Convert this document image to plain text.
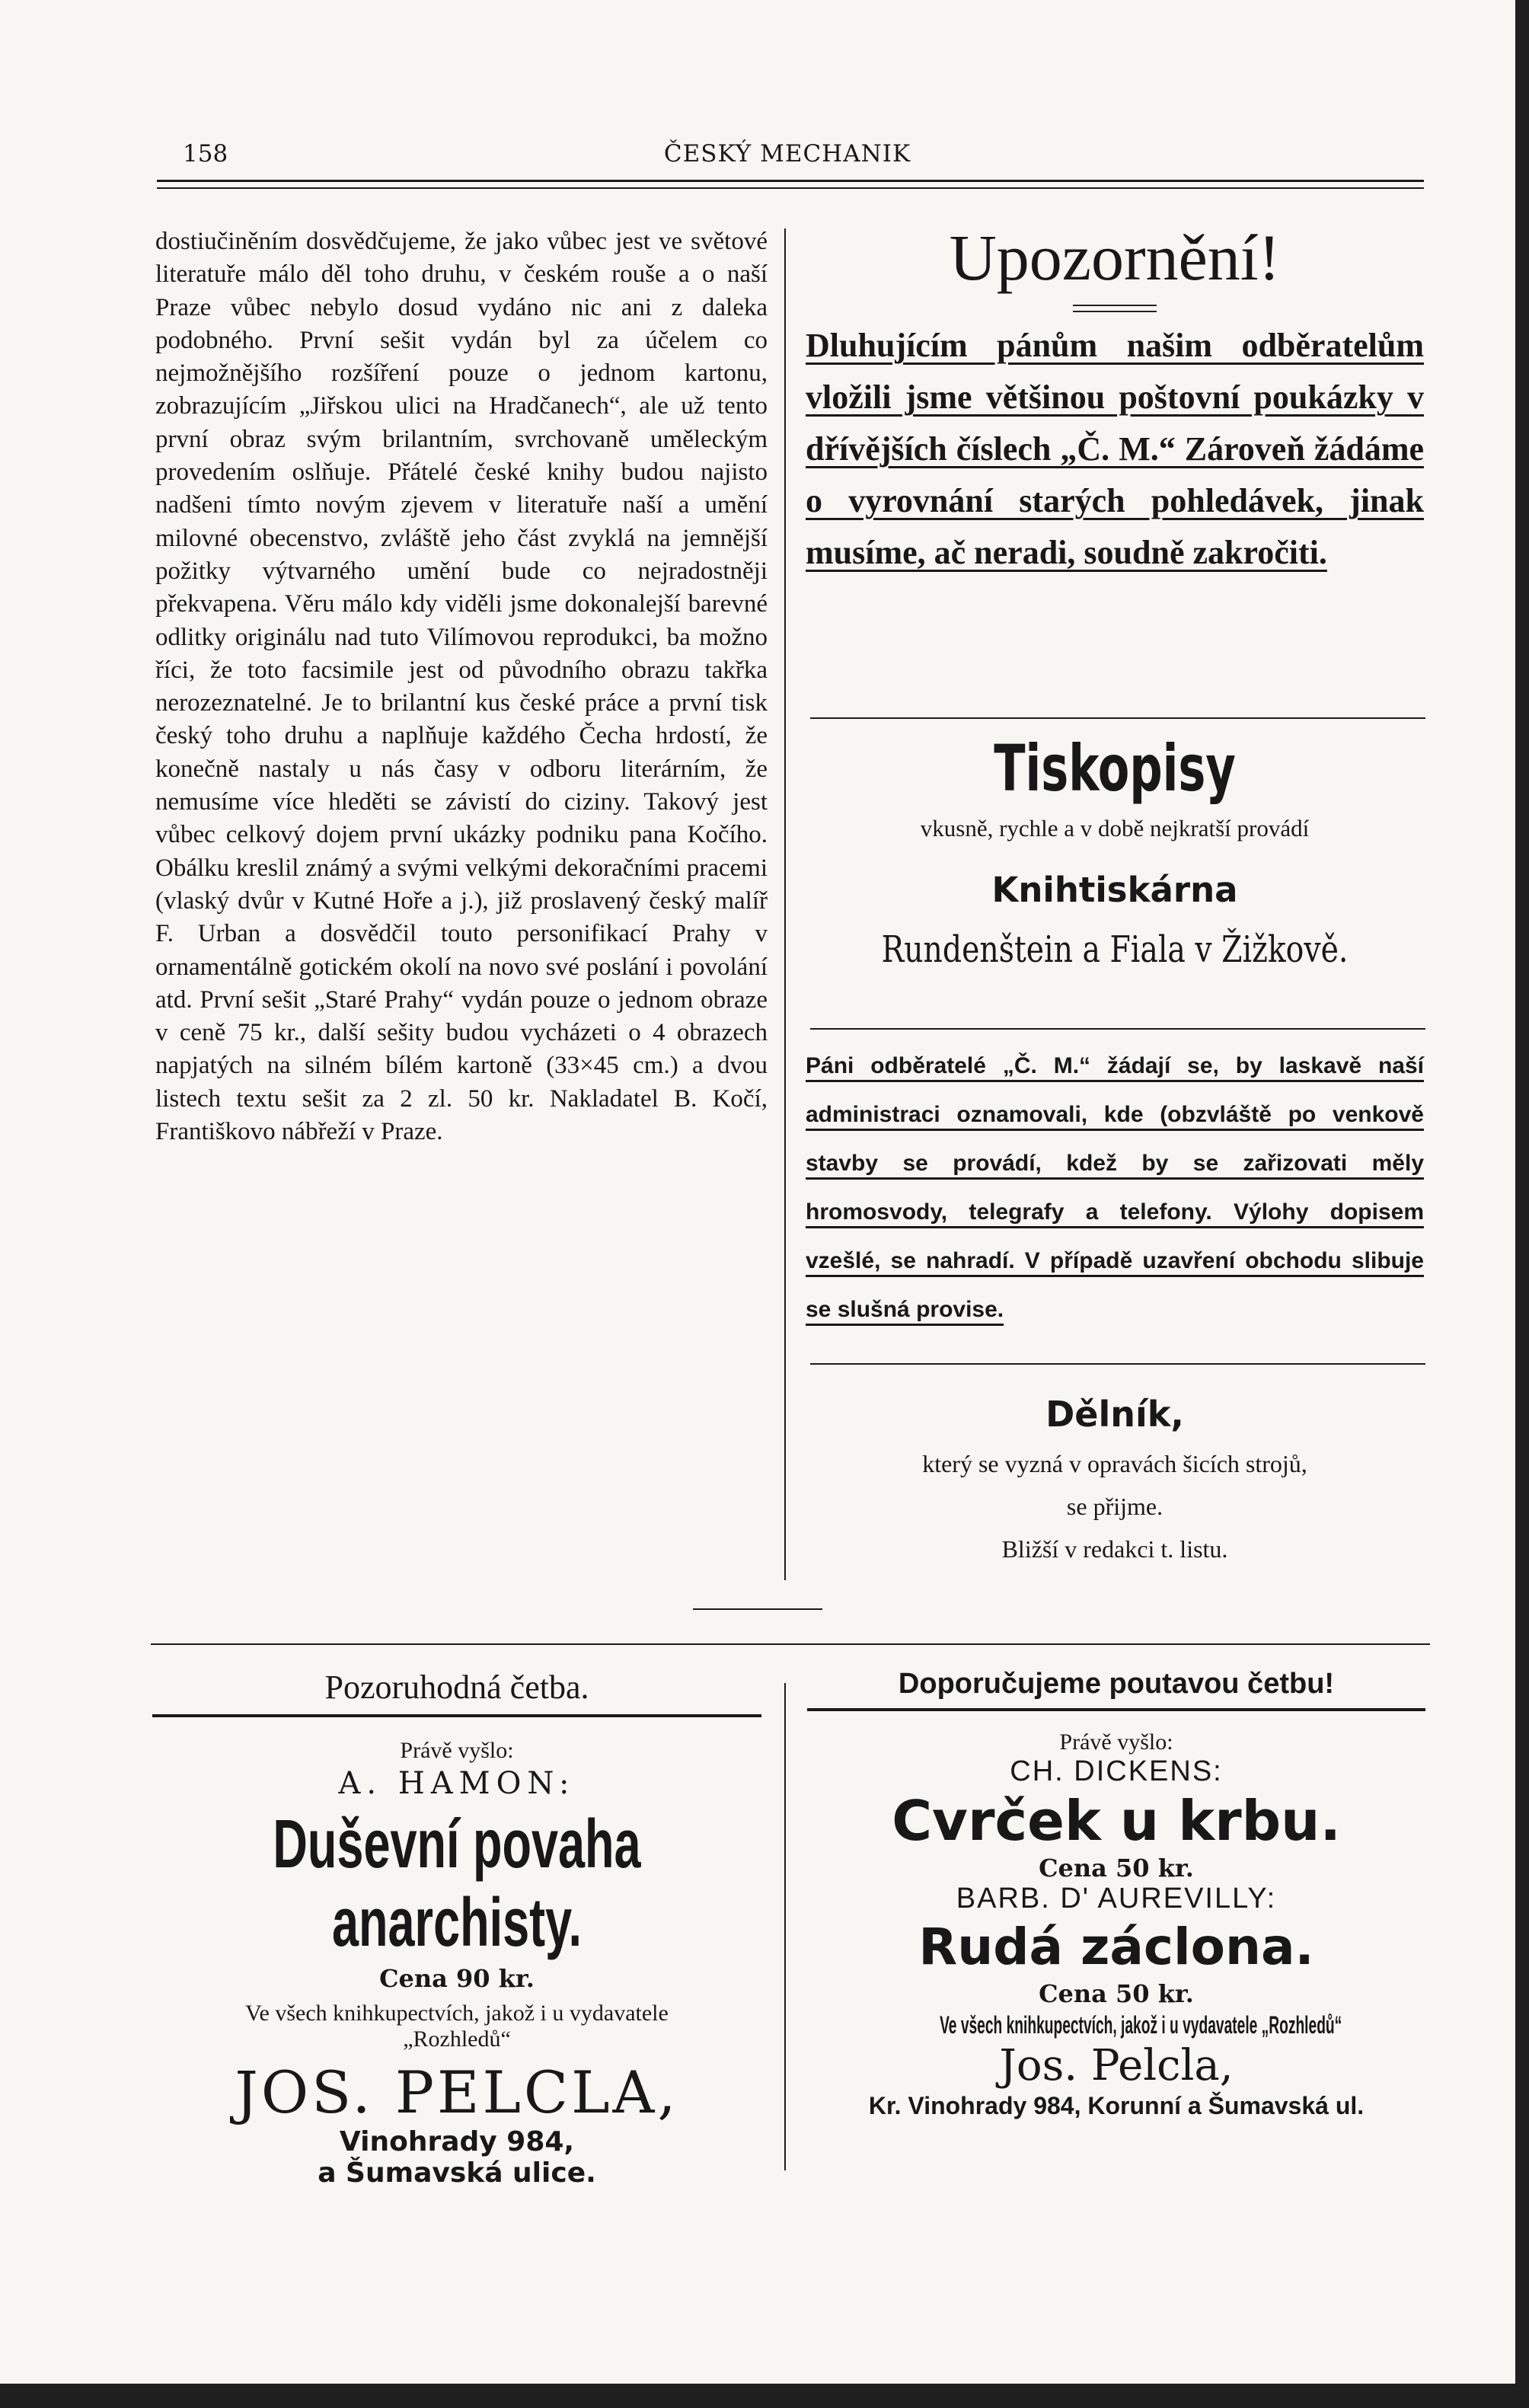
158	ČESKÝ MECHANIK

dostiučiněním dosvědčujeme, že jako vůbec jest ve světové literatuře málo děl toho druhu, v českém rouše a o naší Praze vůbec nebylo dosud vydáno nic ani z daleka podobného. První sešit vydán byl za účelem co nejmožnějšího rozšíření pouze o jednom kartonu, zobrazujícím „Jiřskou ulici na Hradčanech“, ale už tento první obraz svým brilantním, svrchovaně uměleckým provedením oslňuje. Přátelé české knihy budou najisto nadšeni tímto novým zjevem v literatuře naší a umění milovné obecenstvo, zvláště jeho část zvyklá na jemnější požitky výtvarného umění bude co nejradostněji překvapena. Věru málo kdy viděli jsme dokonalejší barevné odlitky originálu nad tuto Vilímovou reprodukci, ba možno říci, že toto facsimile jest od původního obrazu takřka nerozeznatelné. Je to brilantní kus české práce a první tisk český toho druhu a naplňuje každého Čecha hrdostí, že konečně nastaly u nás časy v odboru literárním, že nemusíme více hleděti se závistí do ciziny. Takový jest vůbec celkový dojem první ukázky podniku pana Kočího. Obálku kreslil známý a svými velkými dekoračními pracemi (vlaský dvůr v Kutné Hoře a j.), již proslavený český malíř F. Urban a dosvědčil touto personifikací Prahy v ornamentálně gotickém okolí na novo své poslání i povolání atd. První sešit „Staré Prahy“ vydán pouze o jednom obraze v ceně 75 kr., další sešity budou vycházeti o 4 obrazech napjatých na silném bílém kartoně (33×45 cm.) a dvou listech textu sešit za 2 zl. 50 kr. Nakladatel B. Kočí, Františkovo nábřeží v Praze.

Upozornění!
Dluhujícím pánům našim odběratelům vložili jsme většinou poštovní poukázky v dřívějších číslech „Č. M.“ Zároveň žádáme o vyrovnání starých pohledávek, jinak musíme, ač neradi, soudně zakročiti.
Tiskopisy
vkusně, rychle a v době nejkratší provádí
Knihtiskárna
Rundenštein a Fiala v Žižkově.
Páni odběratelé „Č. M.“ žádají se, by laskavě naší administraci oznamovali, kde (obzvláště po venkově stavby se provádí, kdež by se zařizovati měly hromosvody, telegrafy a telefony. Výlohy dopisem vzešlé, se nahradí. V případě uzavření obchodu slibuje se slušná provise.
Dělník,
který se vyzná v opravách šicích strojů,
se přijme.
Bližší v redakci t. listu.
Pozoruhodná četba.
Právě vyšlo:
A. HAMON:
Duševní povaha anarchisty.
Cena 90 kr.
Ve všech knihkupectvích, jakož i u vydavatele
„Rozhledů“
JOS. PELCLA,
Vinohrady 984,
a Šumavská ulice.
Doporučujeme poutavou četbu!
Právě vyšlo:
CH. DICKENS:
Cvrček u krbu.
Cena 50 kr.
BARB. D' AUREVILLY:
Rudá záclona.
Cena 50 kr.
Ve všech knihkupectvích, jakož i u vydavatele „Rozhledů“
Jos. Pelcla,
Kr. Vinohrady 984, Korunní a Šumavská ul.
